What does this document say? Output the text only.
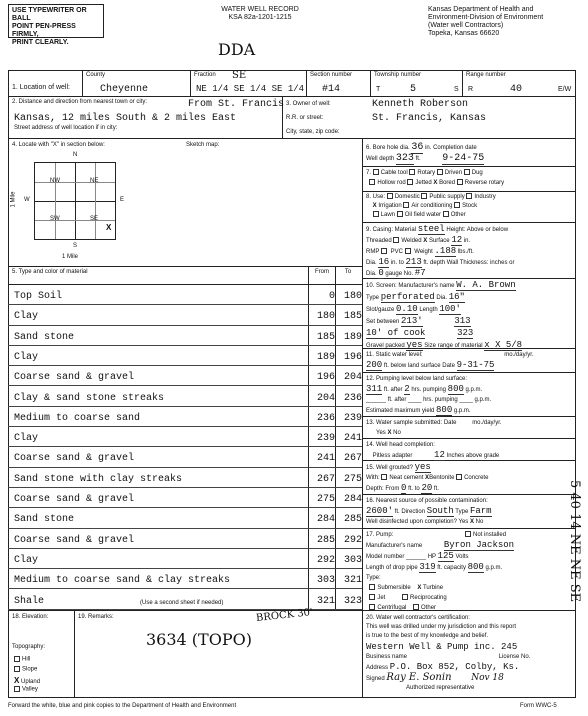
USE TYPEWRITER OR BALL
POINT PEN-PRESS FIRMLY,
PRINT CLEARLY.
WATER WELL RECORD
KSA 82a-1201-1215
DDA
Kansas Department of Health and
Environment-Division of Environment
(Water well Contractors)
Topeka, Kansas 66620
1. Location of well:
County
Cheyenne
Fraction SE
NE 1/4 SE 1/4 SE 1/4
Section number
#14
Township number
T	5	S
Range number
R	40	E/W
2. Distance and direction from nearest town or city:	From St. Francis
Kansas, 12 miles South & 2 miles East
Street address of well location if in city:
3. Owner of well:	Kenneth Roberson
R.R. or street:	St. Francis, Kansas
City, state, zip code:
4. Locate with "X" in section below:	Sketch map:
N
S
W	E
NW	NE
SW	SE
X
1 Mile
1 Mile
5. Type and color of material	From	To
Top Soil	0 180
Clay	180 185
Sand stone	185 189
Clay	189 196
Coarse sand & gravel	196 204
Clay & sand stone streaks	204 236
Medium to coarse sand	236 239
Clay	239 241
Coarse sand & gravel	241 267
Sand stone with clay streaks	267 275
Coarse sand & gravel	275 284
Sand stone	284 285
Coarse sand & gravel	285 292
Clay	292 303
Medium to coarse sand & clay streaks	303 321
Shale	321 323
(Use a second sheet if needed)
18. Elevation:
Topography:
Hill
Slope
X Upland
Valley
19. Remarks:	BROCK 30'
3634 (TOPO)
6. Bore hole dia. 36 in. Completion date
Well depth 323 ft. 9-24-75
7. Cable tool Rotary Driven Dug
Hollow rod Jetted X Bored Reverse rotary
8. Use: Domestic Public supply Industry
X Irrigation Air conditioning Stock
Lawn Oil field water Other
9. Casing: Material steel Height: Above or below
Threaded Welded X Surface 12 in.
RMP PVC Weight .188 lbs./ft.
Dia. 16 in. to 213 ft. depth Wall Thickness: inches or
Dia. 0 gauge No. #7
10. Screen: Manufacturer's name W. A. Brown
Type perforated Dia. 16"
Slot/gauze 0.10 Length 100'
Set between 213'	313
10' of cook	323
Gravel packed yes Size range of material x X 5/8
11. Static water level:	mo./day/yr.
200 ft. below land surface Date 9-31-75
12. Pumping level below land surface:
311 ft. after 2 hrs. pumping 800 g.p.m.
______ ft. after ____ hrs. pumping ____ g.p.m.
Estimated maximum yield 800 g.p.m.
13. Water sample submitted: Date	mo./day/yr.
Yes X No
14. Well head completion:
Pitless adapter 12 Inches above grade
15. Well grouted? yes
With: Neat cement XBentonite Concrete
Depth: From 0 ft. to 20 ft.
16. Nearest source of possible contamination:
2600' ft. Direction South Type Farm
Well disinfected upon completion? Yes X No
17. Pump:	Not installed
Manufacturer's name Byron Jackson
Model number ______ HP 125 Volts
Length of drop pipe 319 ft. capacity 800 g.p.m.
Type:
Submersible X Turbine
Jet	Reciprocating
Centrifugal Other
20. Water well contractor's certification:
This well was drilled under my jurisdiction and this report
is true to the best of my knowledge and belief.
Western Well & Pump inc. 245
Business name	License No.
Address P.O. Box 852, Colby, Ks.
Signed Ray E. Sonin Nov 18
Authorized representative
5 40 14 NE NE SE
Forward the white, blue and pink copies to the Department of Health and Environment	Form WWC-5
